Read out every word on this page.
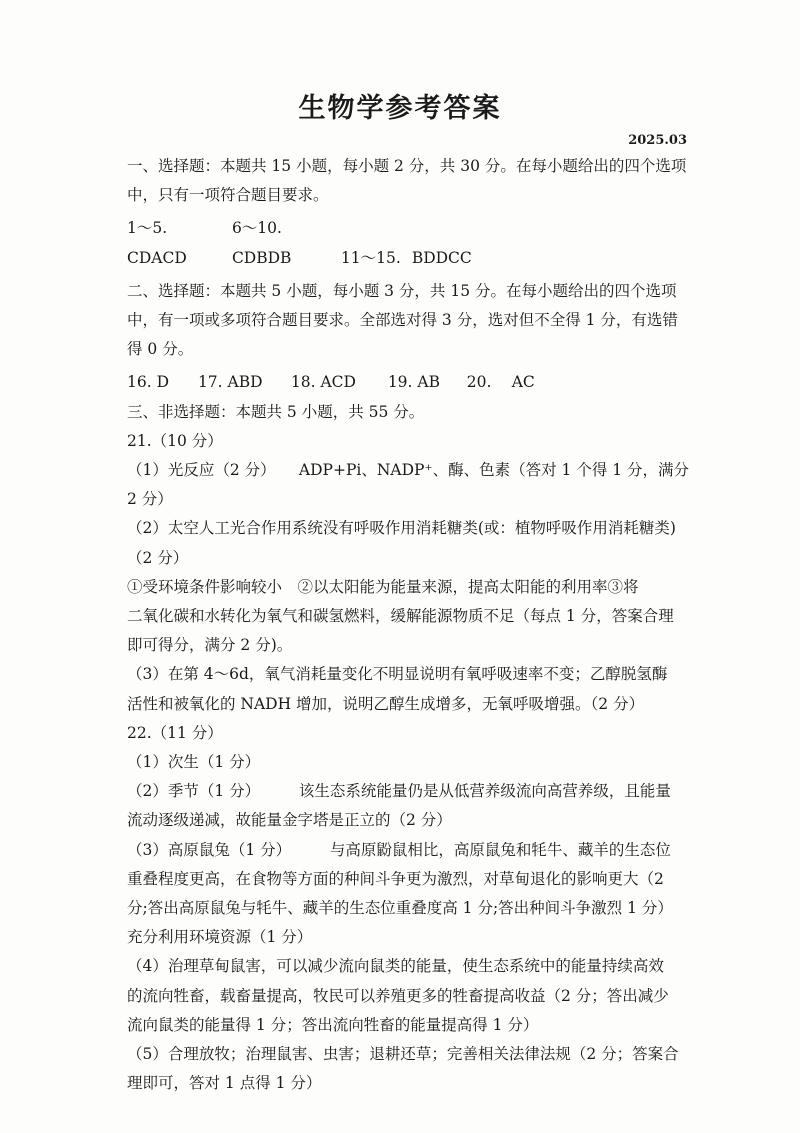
生物学参考答案
2025.03

一、选择题：本题共 15 小题，每小题 2 分，共 30 分。在每小题给出的四个选项

中，只有一项符合题目要求。

1～5. CDACD 6～10. CDBDB	11～15. BDDCC

二、选择题：本题共 5 小题，每小题 3 分，共 15 分。在每小题给出的四个选项

中，有一项或多项符合题目要求。全部选对得 3 分，选对但不全得 1 分，有选错

得 0 分。

16. D 17. ABD 18. ACD 19. AB 20. AC

三、非选择题：本题共 5 小题，共 55 分。

21.（10 分）

（1）光反应（2 分）　　ADP+Pi、NADP⁺、酶、色素（答对 1 个得 1 分，满分

2 分）

（2）太空人工光合作用系统没有呼吸作用消耗糖类(或：植物呼吸作用消耗糖类)

（2 分）

①受环境条件影响较小　②以太阳能为能量来源，提高太阳能的利用率③将

二氧化碳和水转化为氧气和碳氢燃料，缓解能源物质不足（每点 1 分，答案合理

即可得分，满分 2 分)。

（3）在第 4～6d，氧气消耗量变化不明显说明有氧呼吸速率不变；乙醇脱氢酶

活性和被氧化的 NADH 增加，说明乙醇生成增多，无氧呼吸增强。（2 分）

22.（11 分）

（1）次生（1 分）

（2）季节（1 分）　　　该生态系统能量仍是从低营养级流向高营养级，且能量

流动逐级递减，故能量金字塔是正立的（2 分）

（3）高原鼠兔（1 分）　　　与高原鼢鼠相比，高原鼠兔和牦牛、藏羊的生态位

重叠程度更高，在食物等方面的种间斗争更为激烈，对草甸退化的影响更大（2

分;答出高原鼠兔与牦牛、藏羊的生态位重叠度高 1 分;答出种间斗争激烈 1 分）

充分利用环境资源（1 分）

（4）治理草甸鼠害，可以减少流向鼠类的能量，使生态系统中的能量持续高效

的流向牲畜，载畜量提高，牧民可以养殖更多的牲畜提高收益（2 分；答出减少

流向鼠类的能量得 1 分；答出流向牲畜的能量提高得 1 分）

（5）合理放牧；治理鼠害、虫害；退耕还草；完善相关法律法规（2 分；答案合

理即可，答对 1 点得 1 分）
